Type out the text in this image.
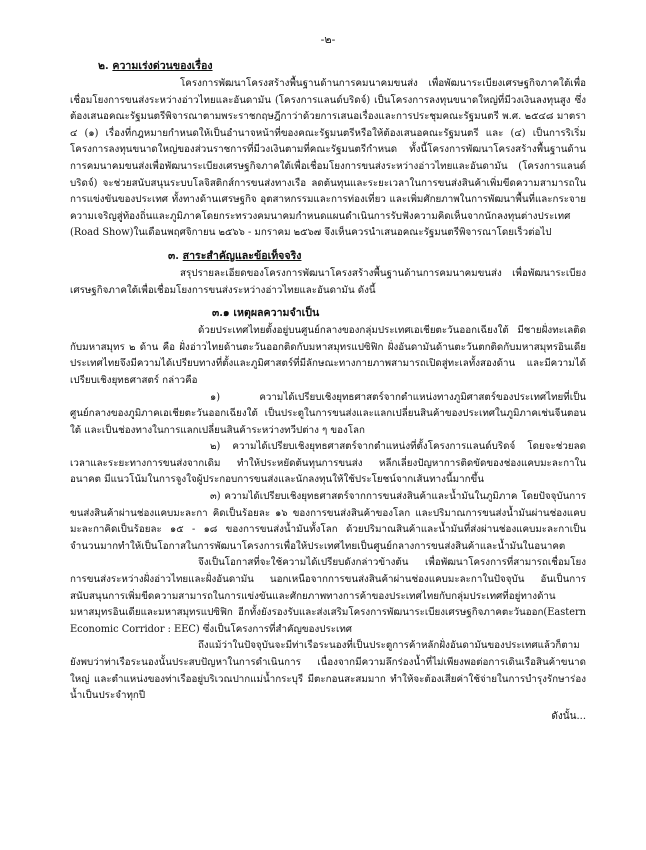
-๒-
๒. ความเร่งด่วนของเรื่อง

โครงการพัฒนาโครงสร้างพื้นฐานด้านการคมนาคมขนส่ง เพื่อพัฒนาระเบียงเศรษฐกิจภาคใต้เพื่อเชื่อมโยงการขนส่งระหว่างอ่าวไทยและอันดามัน (โครงการแลนด์บริดจ์) เป็นโครงการลงทุนขนาดใหญ่ที่มีวงเงินลงทุนสูง ซึ่งต้องเสนอคณะรัฐมนตรีพิจารณาตามพระราชกฤษฎีกาว่าด้วยการเสนอเรื่องและการประชุมคณะรัฐมนตรี พ.ศ. ๒๕๔๘ มาตรา ๔ (๑) เรื่องที่กฎหมายกำหนดให้เป็นอำนาจหน้าที่ของคณะรัฐมนตรีหรือให้ต้องเสนอคณะรัฐมนตรี และ (๔) เป็นการริเริ่มโครงการลงทุนขนาดใหญ่ของส่วนราชการที่มีวงเงินตามที่คณะรัฐมนตรีกำหนด ทั้งนี้โครงการพัฒนาโครงสร้างพื้นฐานด้านการคมนาคมขนส่งเพื่อพัฒนาระเบียงเศรษฐกิจภาคใต้เพื่อเชื่อมโยงการขนส่งระหว่างอ่าวไทยและอันดามัน (โครงการแลนด์บริดจ์) จะช่วยสนับสนุนระบบโลจิสติกส์การขนส่งทางเรือ ลดต้นทุนและระยะเวลาในการขนส่งสินค้าเพิ่มขีดความสามารถในการแข่งขันของประเทศ ทั้งทางด้านเศรษฐกิจ อุตสาหกรรมและการท่องเที่ยว และเพิ่มศักยภาพในการพัฒนาพื้นที่และกระจายความเจริญสู่ท้องถิ่นและภูมิภาคโดยกระทรวงคมนาคมกำหนดแผนดำเนินการรับฟังความคิดเห็นจากนักลงทุนต่างประเทศ (Road Show)ในเดือนพฤศจิกายน ๒๕๖๖ - มกราคม ๒๕๖๗ จึงเห็นควรนำเสนอคณะรัฐมนตรีพิจารณาโดยเร็วต่อไป

๓. สาระสำคัญและข้อเท็จจริง

สรุปรายละเอียดของโครงการพัฒนาโครงสร้างพื้นฐานด้านการคมนาคมขนส่ง เพื่อพัฒนาระเบียงเศรษฐกิจภาคใต้เพื่อเชื่อมโยงการขนส่งระหว่างอ่าวไทยและอันดามัน ดังนี้

๓.๑ เหตุผลความจำเป็น

ด้วยประเทศไทยตั้งอยู่บนศูนย์กลางของกลุ่มประเทศเอเชียตะวันออกเฉียงใต้ มีชายฝั่งทะเลติดกับมหาสมุทร ๒ ด้าน คือ ฝั่งอ่าวไทยด้านตะวันออกติดกับมหาสมุทรแปซิฟิก ฝั่งอันดามันด้านตะวันตกติดกับมหาสมุทรอินเดีย ประเทศไทยจึงมีความได้เปรียบทางที่ตั้งและภูมิศาสตร์ที่มีลักษณะทางกายภาพสามารถเปิดสู่ทะเลทั้งสองด้าน และมีความได้เปรียบเชิงยุทธศาสตร์ กล่าวคือ

๑) ความได้เปรียบเชิงยุทธศาสตร์จากตำแหน่งทางภูมิศาสตร์ของประเทศไทยที่เป็นศูนย์กลางของภูมิภาคเอเชียตะวันออกเฉียงใต้ เป็นประตูในการขนส่งและแลกเปลี่ยนสินค้าของประเทศในภูมิภาคเช่นจีนตอนใต้ และเป็นช่องทางในการแลกเปลี่ยนสินค้าระหว่างทวีปต่าง ๆ ของโลก

๒) ความได้เปรียบเชิงยุทธศาสตร์จากตำแหน่งที่ตั้งโครงการแลนด์บริดจ์ โดยจะช่วยลดเวลาและระยะทางการขนส่งจากเดิม ทำให้ประหยัดต้นทุนการขนส่ง หลีกเลี่ยงปัญหาการติดขัดของช่องแคบมะละกาในอนาคต มีแนวโน้มในการจูงใจผู้ประกอบการขนส่งและนักลงทุนให้ใช้ประโยชน์จากเส้นทางนี้มากขึ้น

๓) ความได้เปรียบเชิงยุทธศาสตร์จากการขนส่งสินค้าและน้ำมันในภูมิภาค โดยปัจจุบันการขนส่งสินค้าผ่านช่องแคบมะละกา คิดเป็นร้อยละ ๑๖ ของการขนส่งสินค้าของโลก และปริมาณการขนส่งน้ำมันผ่านช่องแคบมะละกาคิดเป็นร้อยละ ๑๕ - ๑๘ ของการขนส่งน้ำมันทั้งโลก ด้วยปริมาณสินค้าและน้ำมันที่ส่งผ่านช่องแคบมะละกาเป็นจำนวนมากทำให้เป็นโอกาสในการพัฒนาโครงการเพื่อให้ประเทศไทยเป็นศูนย์กลางการขนส่งสินค้าและน้ำมันในอนาคต

จึงเป็นโอกาสที่จะใช้ความได้เปรียบดังกล่าวข้างต้น เพื่อพัฒนาโครงการที่สามารถเชื่อมโยงการขนส่งระหว่างฝั่งอ่าวไทยและฝั่งอันดามัน นอกเหนือจากการขนส่งสินค้าผ่านช่องแคบมะละกาในปัจจุบัน อันเป็นการสนับสนุนการเพิ่มขีดความสามารถในการแข่งขันและศักยภาพทางการค้าของประเทศไทยกับกลุ่มประเทศที่อยู่ทางด้านมหาสมุทรอินเดียและมหาสมุทรแปซิฟิก อีกทั้งยังรองรับและส่งเสริมโครงการพัฒนาระเบียงเศรษฐกิจภาคตะวันออก(Eastern Economic Corridor : EEC) ซึ่งเป็นโครงการที่สำคัญของประเทศ

ถึงแม้ว่าในปัจจุบันจะมีท่าเรือระนองที่เป็นประตูการค้าหลักฝั่งอันดามันของประเทศแล้วก็ตาม ยังพบว่าท่าเรือระนองนั้นประสบปัญหาในการดำเนินการ เนื่องจากมีความลึกร่องน้ำที่ไม่เพียงพอต่อการเดินเรือสินค้าขนาดใหญ่ และตำแหน่งของท่าเรืออยู่บริเวณปากแม่น้ำกระบุรี มีตะกอนสะสมมาก ทำให้จะต้องเสียค่าใช้จ่ายในการบำรุงรักษาร่องน้ำเป็นประจำทุกปี

ดังนั้น...
